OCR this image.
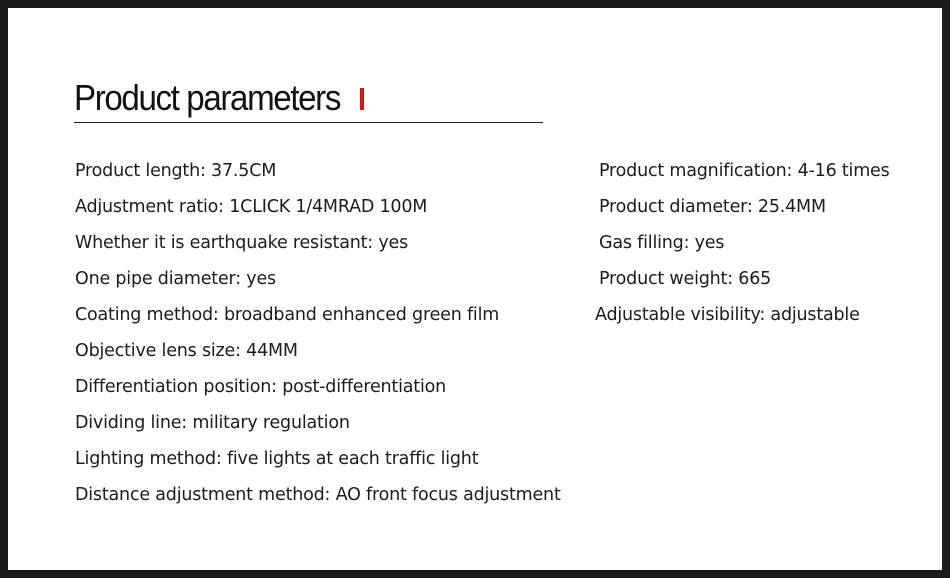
Product parameters
Product length: 37.5CM
Adjustment ratio: 1CLICK 1/4MRAD 100M
Whether it is earthquake resistant: yes
One pipe diameter: yes
Coating method: broadband enhanced green film
Objective lens size: 44MM
Differentiation position: post-differentiation
Dividing line: military regulation
Lighting method: five lights at each traffic light
Distance adjustment method: AO front focus adjustment
Product magnification: 4-16 times
Product diameter: 25.4MM
Gas filling: yes
Product weight: 665
Adjustable visibility: adjustable
